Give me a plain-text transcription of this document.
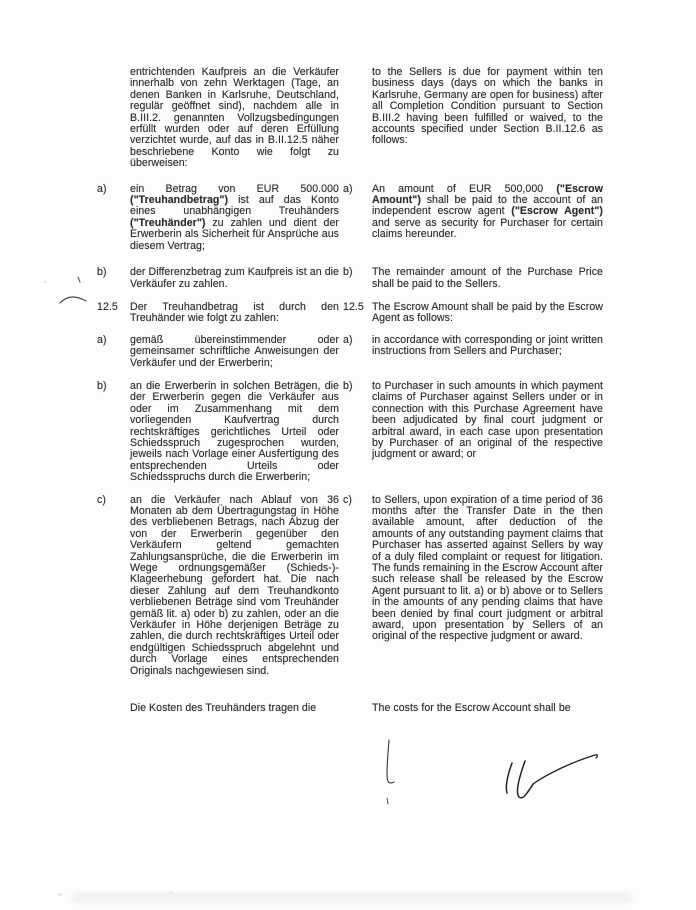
entrichtenden Kaufpreis an die Verkäufer innerhalb von zehn Werktagen (Tage, an denen Banken in Karlsruhe, Deutschland, regulär geöffnet sind), nachdem alle in B.III.2. genannten Vollzugsbedingungen erfüllt wurden oder auf deren Erfüllung verzichtet wurde, auf das in B.II.12.5 näher beschriebene Konto wie folgt zu überweisen:
to the Sellers is due for payment within ten business days (days on which the banks in Karlsruhe, Germany are open for business) after all Completion Condition pursuant to Section B.III.2 having been fulfilled or waived, to the accounts specified under Section B.II.12.6 as follows:
a)	ein Betrag von EUR 500.000 ("Treuhandbetrag") ist auf das Konto eines unabhängigen Treuhänders ("Treuhänder") zu zahlen und dient der Erwerberin als Sicherheit für Ansprüche aus diesem Vertrag;
a)	An amount of EUR 500,000 ("Escrow Amount") shall be paid to the account of an independent escrow agent ("Escrow Agent") and serve as security for Purchaser for certain claims hereunder.
b)	der Differenzbetrag zum Kaufpreis ist an die Verkäufer zu zahlen.
b)	The remainder amount of the Purchase Price shall be paid to the Sellers.
12.5	Der Treuhandbetrag ist durch den Treuhänder wie folgt zu zahlen:
12.5 The Escrow Amount shall be paid by the Escrow Agent as follows:
a)	gemäß übereinstimmender oder gemeinsamer schriftliche Anweisungen der Verkäufer und der Erwerberin;
a)	in accordance with corresponding or joint written instructions from Sellers and Purchaser;
b)	an die Erwerberin in solchen Beträgen, die der Erwerberin gegen die Verkäufer aus oder im Zusammenhang mit dem vorliegenden Kaufvertrag durch rechtskräftiges gerichtliches Urteil oder Schiedsspruch zugesprochen wurden, jeweils nach Vorlage einer Ausfertigung des entsprechenden Urteils oder Schiedsspruchs durch die Erwerberin;
b)	to Purchaser in such amounts in which payment claims of Purchaser against Sellers under or in connection with this Purchase Agreement have been adjudicated by final court judgment or arbitral award, in each case upon presentation by Purchaser of an original of the respective judgment or award; or
c)	an die Verkäufer nach Ablauf von 36 Monaten ab dem Übertragungstag in Höhe des verbliebenen Betrags, nach Abzug der von der Erwerberin gegenüber den Verkäufern geltend gemachten Zahlungsansprüche, die die Erwerberin im Wege ordnungsgemäßer (Schieds-)-Klageerhebung gefordert hat. Die nach dieser Zahlung auf dem Treuhandkonto verbliebenen Beträge sind vom Treuhänder gemäß lit. a) oder b) zu zahlen, oder an die Verkäufer in Höhe derjenigen Beträge zu zahlen, die durch rechtskräftiges Urteil oder endgültigen Schiedsspruch abgelehnt und durch Vorlage eines entsprechenden Originals nachgewiesen sind.
c)	to Sellers, upon expiration of a time period of 36 months after the Transfer Date in the then available amount, after deduction of the amounts of any outstanding payment claims that Purchaser has asserted against Sellers by way of a duly filed complaint or request for litigation. The funds remaining in the Escrow Account after such release shall be released by the Escrow Agent pursuant to lit. a) or b) above or to Sellers in the amounts of any pending claims that have been denied by final court judgment or arbitral award, upon presentation by Sellers of an original of the respective judgment or award.
Die Kosten des Treuhänders tragen die	The costs for the Escrow Account shall be
